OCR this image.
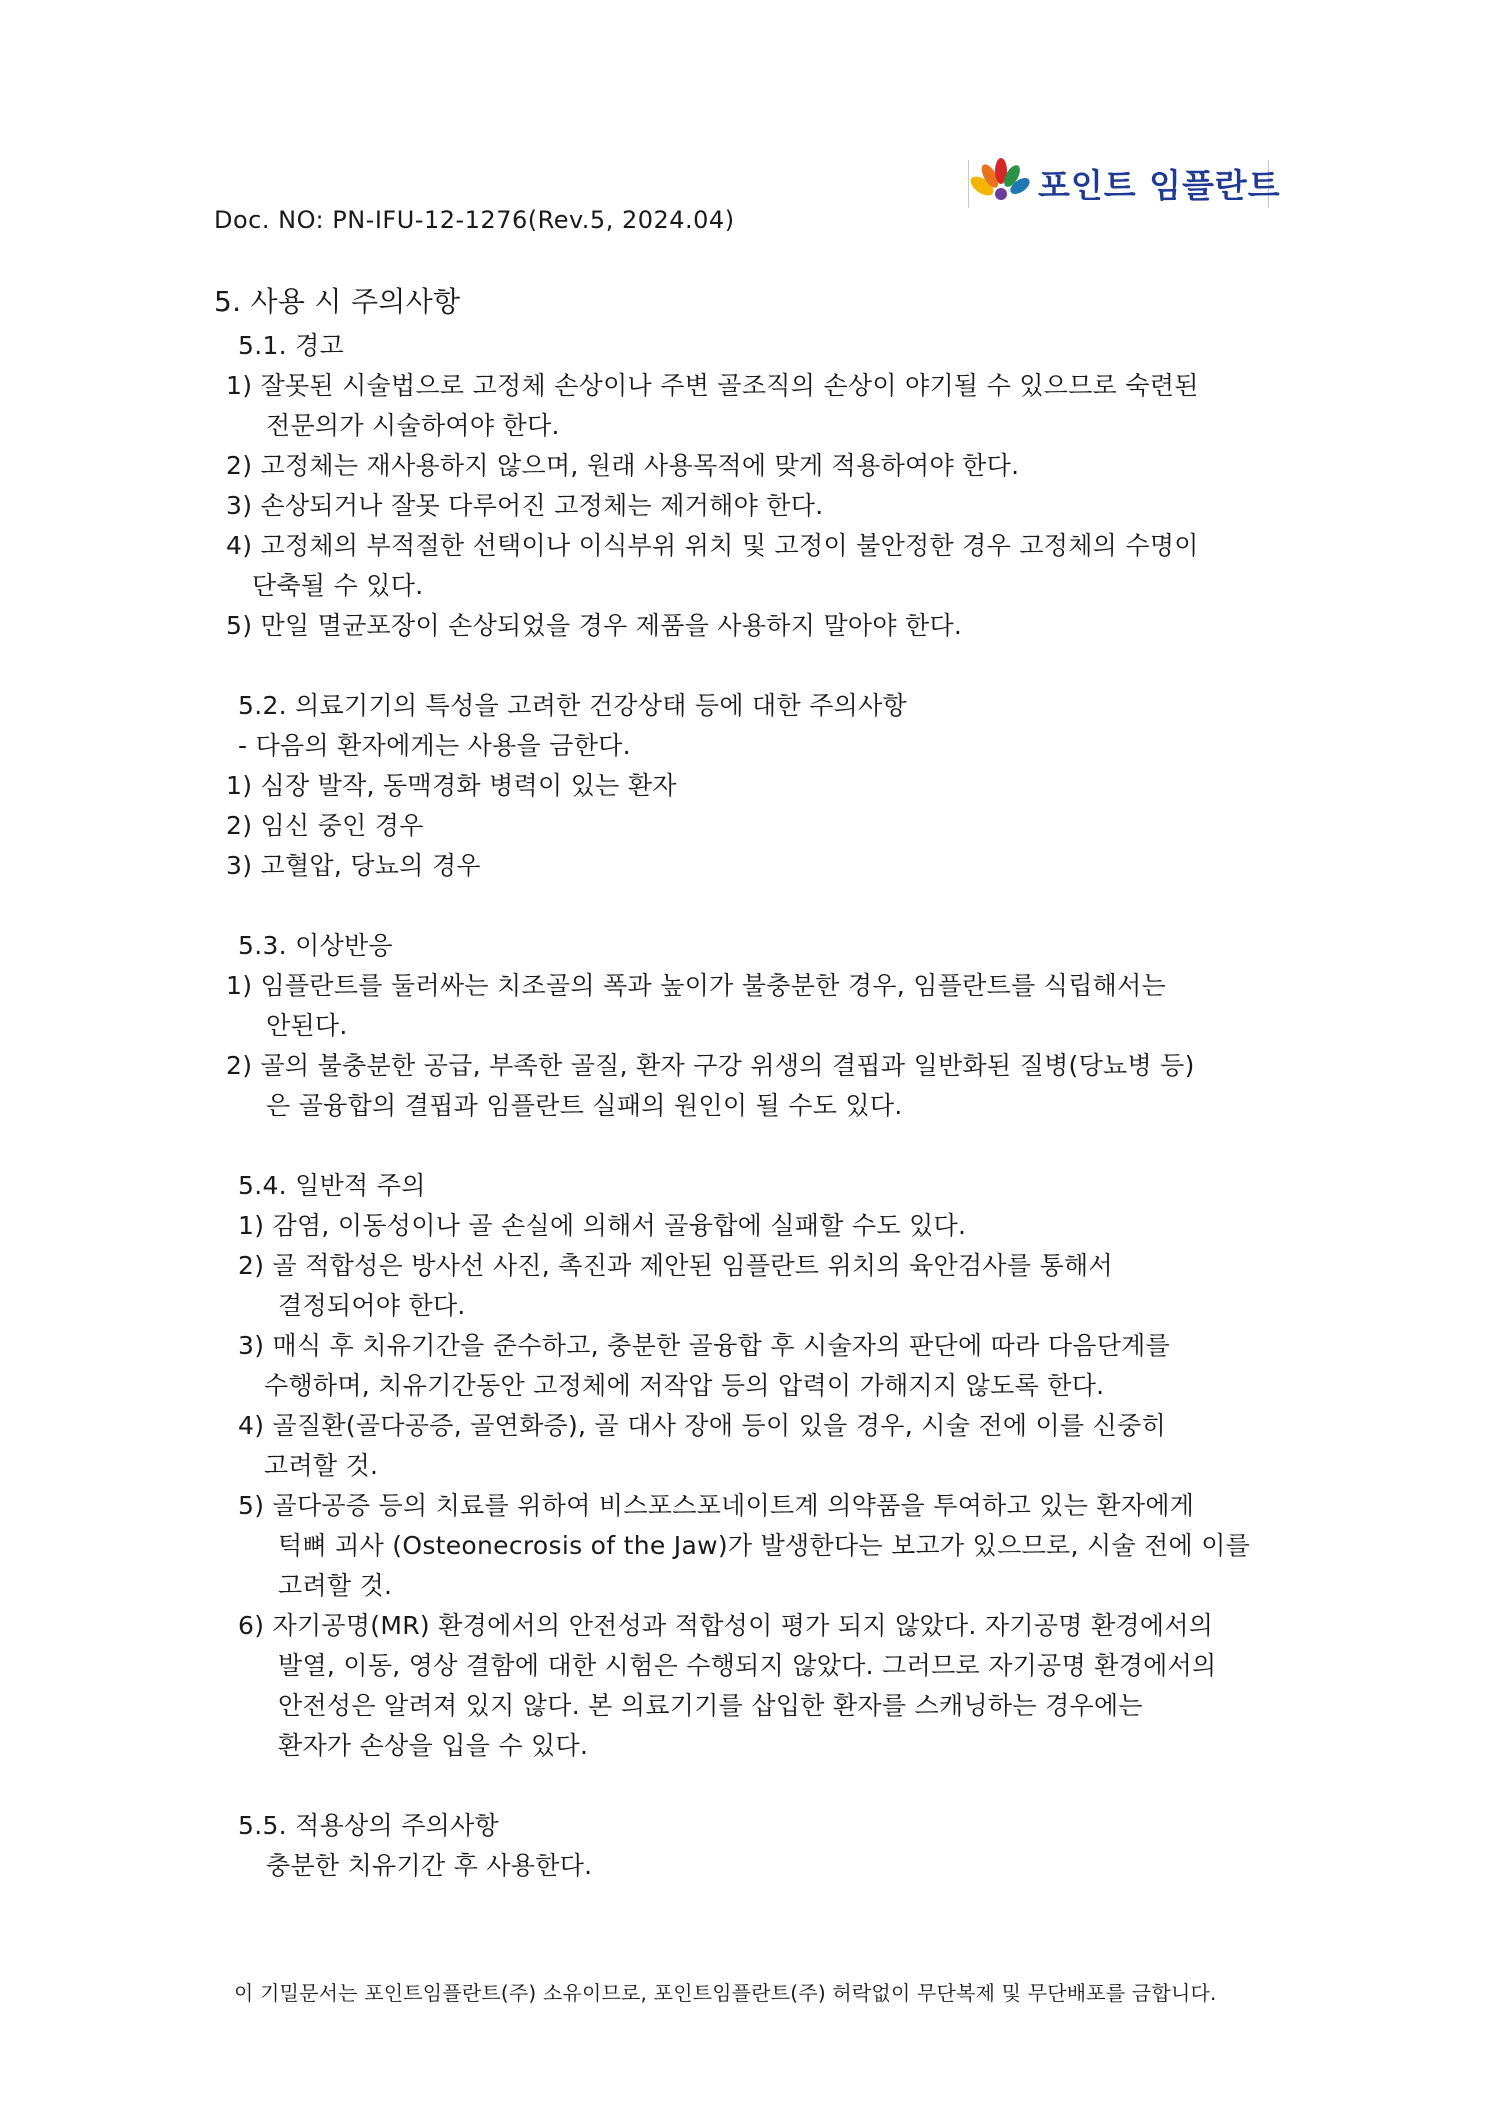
포인트 임플란트
Doc. NO: PN-IFU-12-1276(Rev.5, 2024.04)
5. 사용 시 주의사항
5.1. 경고
1) 잘못된 시술법으로 고정체 손상이나 주변 골조직의 손상이 야기될 수 있으므로 숙련된
전문의가 시술하여야 한다.
2) 고정체는 재사용하지 않으며, 원래 사용목적에 맞게 적용하여야 한다.
3) 손상되거나 잘못 다루어진 고정체는 제거해야 한다.
4) 고정체의 부적절한 선택이나 이식부위 위치 및 고정이 불안정한 경우 고정체의 수명이
단축될 수 있다.
5) 만일 멸균포장이 손상되었을 경우 제품을 사용하지 말아야 한다.
5.2. 의료기기의 특성을 고려한 건강상태 등에 대한 주의사항
- 다음의 환자에게는 사용을 금한다.
1) 심장 발작, 동맥경화 병력이 있는 환자
2) 임신 중인 경우
3) 고혈압, 당뇨의 경우
5.3. 이상반응
1) 임플란트를 둘러싸는 치조골의 폭과 높이가 불충분한 경우, 임플란트를 식립해서는
안된다.
2) 골의 불충분한 공급, 부족한 골질, 환자 구강 위생의 결핍과 일반화된 질병(당뇨병 등)
은 골융합의 결핍과 임플란트 실패의 원인이 될 수도 있다.
5.4. 일반적 주의
1) 감염, 이동성이나 골 손실에 의해서 골융합에 실패할 수도 있다.
2) 골 적합성은 방사선 사진, 촉진과 제안된 임플란트 위치의 육안검사를 통해서
결정되어야 한다.
3) 매식 후 치유기간을 준수하고, 충분한 골융합 후 시술자의 판단에 따라 다음단계를
수행하며, 치유기간동안 고정체에 저작압 등의 압력이 가해지지 않도록 한다.
4) 골질환(골다공증, 골연화증), 골 대사 장애 등이 있을 경우, 시술 전에 이를 신중히
고려할 것.
5) 골다공증 등의 치료를 위하여 비스포스포네이트계 의약품을 투여하고 있는 환자에게
턱뼈 괴사 (Osteonecrosis of the Jaw)가 발생한다는 보고가 있으므로, 시술 전에 이를
고려할 것.
6) 자기공명(MR) 환경에서의 안전성과 적합성이 평가 되지 않았다. 자기공명 환경에서의
발열, 이동, 영상 결함에 대한 시험은 수행되지 않았다. 그러므로 자기공명 환경에서의
안전성은 알려져 있지 않다. 본 의료기기를 삽입한 환자를 스캐닝하는 경우에는
환자가 손상을 입을 수 있다.
5.5. 적용상의 주의사항
충분한 치유기간 후 사용한다.
이 기밀문서는 포인트임플란트(주) 소유이므로, 포인트임플란트(주) 허락없이 무단복제 및 무단배포를 금합니다.
